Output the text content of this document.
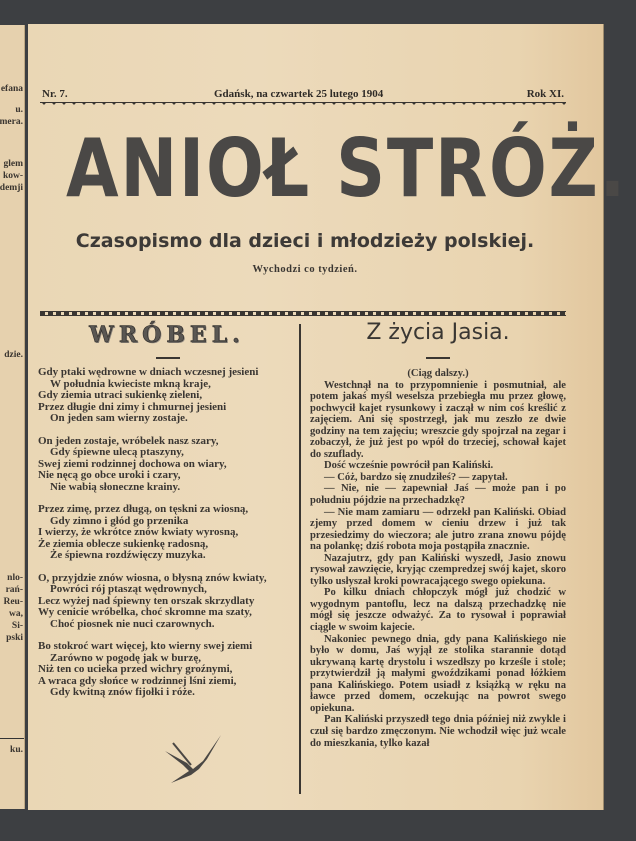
efana
u.
mera.
glem
kow-
demji
dzie.
nlo-
rań-
Reu-
wa,
Si-
pski
ku.
Nr. 7.	Gdańsk, na czwartek 25 lutego 1904	Rok XI.
ANIOŁ STRÓŻ.
Czasopismo dla dzieci i młodzieży polskiej.
Wychodzi co tydzień.
WRÓBEL.	Z życia Jasia.
Gdy ptaki wędrowne w dniach wczesnej jesieni
W południa kwieciste mkną kraje,
Gdy ziemia utraci sukienkę zieleni,
Przez długie dni zimy i chmurnej jesieni
On jeden sam wierny zostaje.
On jeden zostaje, wróbelek nasz szary,
Gdy śpiewne ulecą ptaszyny,
Swej ziemi rodzinnej dochowa on wiary,
Nie nęcą go obce uroki i czary,
Nie wabią słoneczne krainy.
Przez zimę, przez długą, on tęskni za wiosną,
Gdy zimno i głód go przenika
I wierzy, że wkrótce znów kwiaty wyrosną,
Że ziemia oblecze sukienkę radosną,
Że śpiewna rozdźwięczy muzyka.
O, przyjdzie znów wiosna, o błysną znów kwiaty,
Powróci rój ptasząt wędrownych,
Lecz wyżej nad śpiewny ten orszak skrzydlaty
Wy cenicie wróbelka, choć skromne ma szaty,
Choć piosnek nie nuci czarownych.
Bo stokroć wart więcej, kto wierny swej ziemi
Zarówno w pogodę jak w burzę,
Niż ten co ucieka przed wichry groźnymi,
A wraca gdy słońce w rodzinnej lśni ziemi,
Gdy kwitną znów fijołki i róże.
(Ciąg dalszy.)

Westchnął na to przypomnienie i posmutniał, ale potem jakaś myśl weselsza przebiegła mu przez głowę, pochwycił kajet rysunkowy i zaczął w nim coś kreślić z zajęciem. Ani się spostrzegł, jak mu zeszło ze dwie godziny na tem zajęciu; wreszcie gdy spojrzał na zegar i zobaczył, że już jest po wpół do trzeciej, schował kajet do szuflady.

Dość wcześnie powrócił pan Kaliński.

— Cóż, bardzo się znudziłeś? — zapytał.

— Nie, nie — zapewniał Jaś — może pan i po południu pójdzie na przechadzkę?

— Nie mam zamiaru — odrzekł pan Kaliński. Obiad zjemy przed domem w cieniu drzew i już tak przesiedzimy do wieczora; ale jutro zrana znowu pójdę na polankę; dziś robota moja postąpiła znacznie.

Nazajutrz, gdy pan Kaliński wyszedł, Jasio znowu rysował zawzięcie, kryjąc czempredzej swój kajet, skoro tylko usłyszał kroki powracającego swego opiekuna.

Po kilku dniach chłopczyk mógł już chodzić w wygodnym pantoflu, lecz na dalszą przechadzkę nie mógł się jeszcze odważyć. Za to rysował i poprawiał ciągle w swoim kajecie.

Nakoniec pewnego dnia, gdy pana Kalińskiego nie było w domu, Jaś wyjął ze stolika starannie dotąd ukrywaną kartę drystolu i wszedłszy po krześle i stole; przytwierdził ją małymi gwoździkami ponad łóżkiem pana Kalińskiego. Potem usiadł z książką w ręku na ławce przed domem, oczekując na powrot swego opiekuna.

Pan Kaliński przyszedł tego dnia później niż zwykle i czuł się bardzo zmęczonym. Nie wchodził więc już wcale do mieszkania, tylko kazał
